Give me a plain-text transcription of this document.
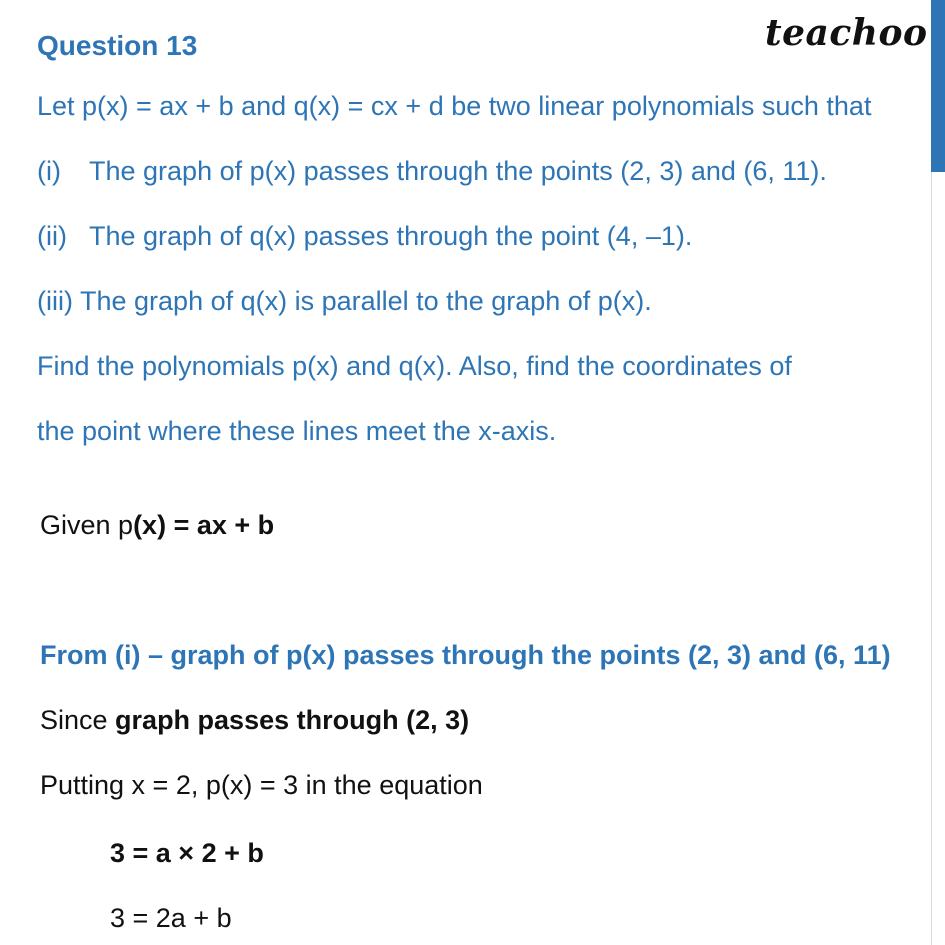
Question 13	teachoo
Let p(x) = ax + b and q(x) = cx + d be two linear polynomials such that
(i) The graph of p(x) passes through the points (2, 3) and (6, 11).
(ii) The graph of q(x) passes through the point (4, –1).
(iii) The graph of q(x) is parallel to the graph of p(x).
Find the polynomials p(x) and q(x). Also, find the coordinates of
the point where these lines meet the x-axis.
Given p(x) = ax + b
From (i) – graph of p(x) passes through the points (2, 3) and (6, 11)
Since graph passes through (2, 3)
Putting x = 2, p(x) = 3 in the equation
3 = a × 2 + b
3 = 2a + b
